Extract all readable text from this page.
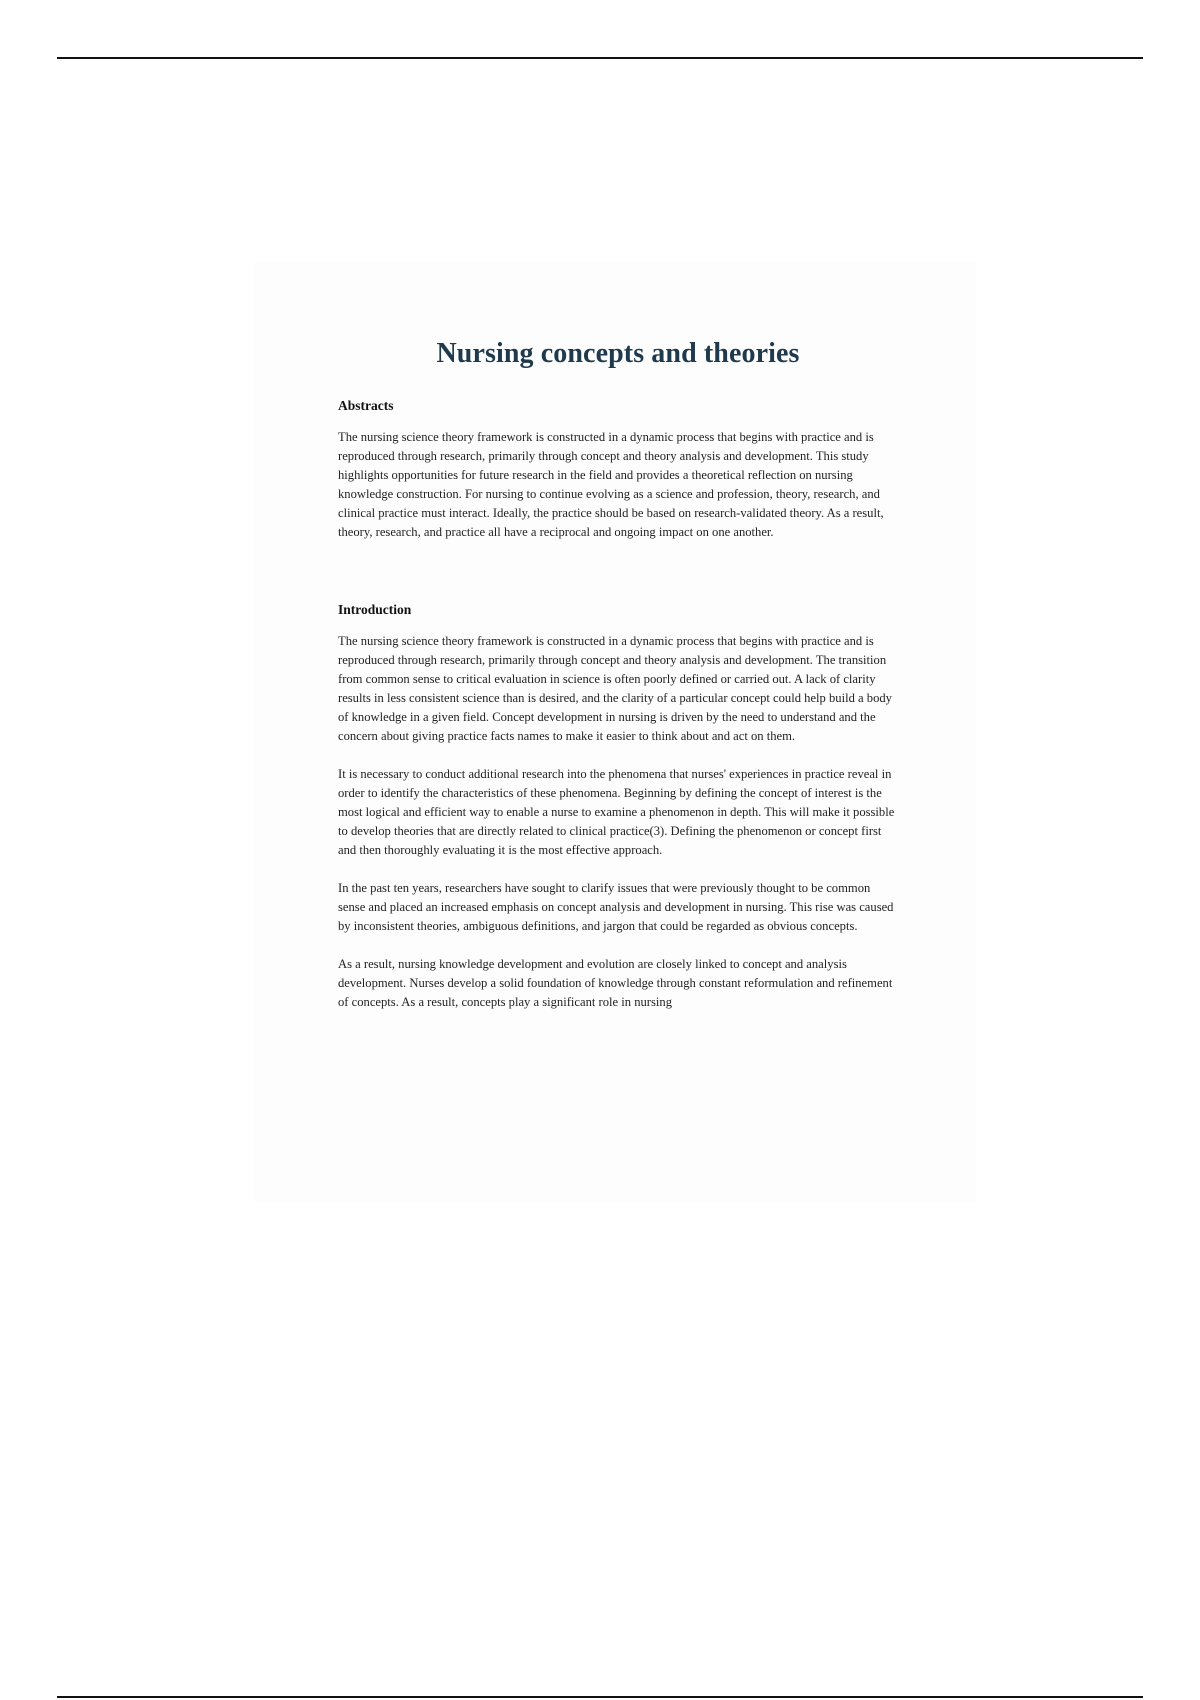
Nursing concepts and theories
Abstracts

The nursing science theory framework is constructed in a dynamic process that begins with practice and is reproduced through research, primarily through concept and theory analysis and development. This study highlights opportunities for future research in the field and provides a theoretical reflection on nursing knowledge construction. For nursing to continue evolving as a science and profession, theory, research, and clinical practice must interact. Ideally, the practice should be based on research-validated theory. As a result, theory, research, and practice all have a reciprocal and ongoing impact on one another.

Introduction

The nursing science theory framework is constructed in a dynamic process that begins with practice and is reproduced through research, primarily through concept and theory analysis and development. The transition from common sense to critical evaluation in science is often poorly defined or carried out. A lack of clarity results in less consistent science than is desired, and the clarity of a particular concept could help build a body of knowledge in a given field. Concept development in nursing is driven by the need to understand and the concern about giving practice facts names to make it easier to think about and act on them.

It is necessary to conduct additional research into the phenomena that nurses' experiences in practice reveal in order to identify the characteristics of these phenomena. Beginning by defining the concept of interest is the most logical and efficient way to enable a nurse to examine a phenomenon in depth. This will make it possible to develop theories that are directly related to clinical practice(3). Defining the phenomenon or concept first and then thoroughly evaluating it is the most effective approach.

In the past ten years, researchers have sought to clarify issues that were previously thought to be common sense and placed an increased emphasis on concept analysis and development in nursing. This rise was caused by inconsistent theories, ambiguous definitions, and jargon that could be regarded as obvious concepts.

As a result, nursing knowledge development and evolution are closely linked to concept and analysis development. Nurses develop a solid foundation of knowledge through constant reformulation and refinement of concepts. As a result, concepts play a significant role in nursing
